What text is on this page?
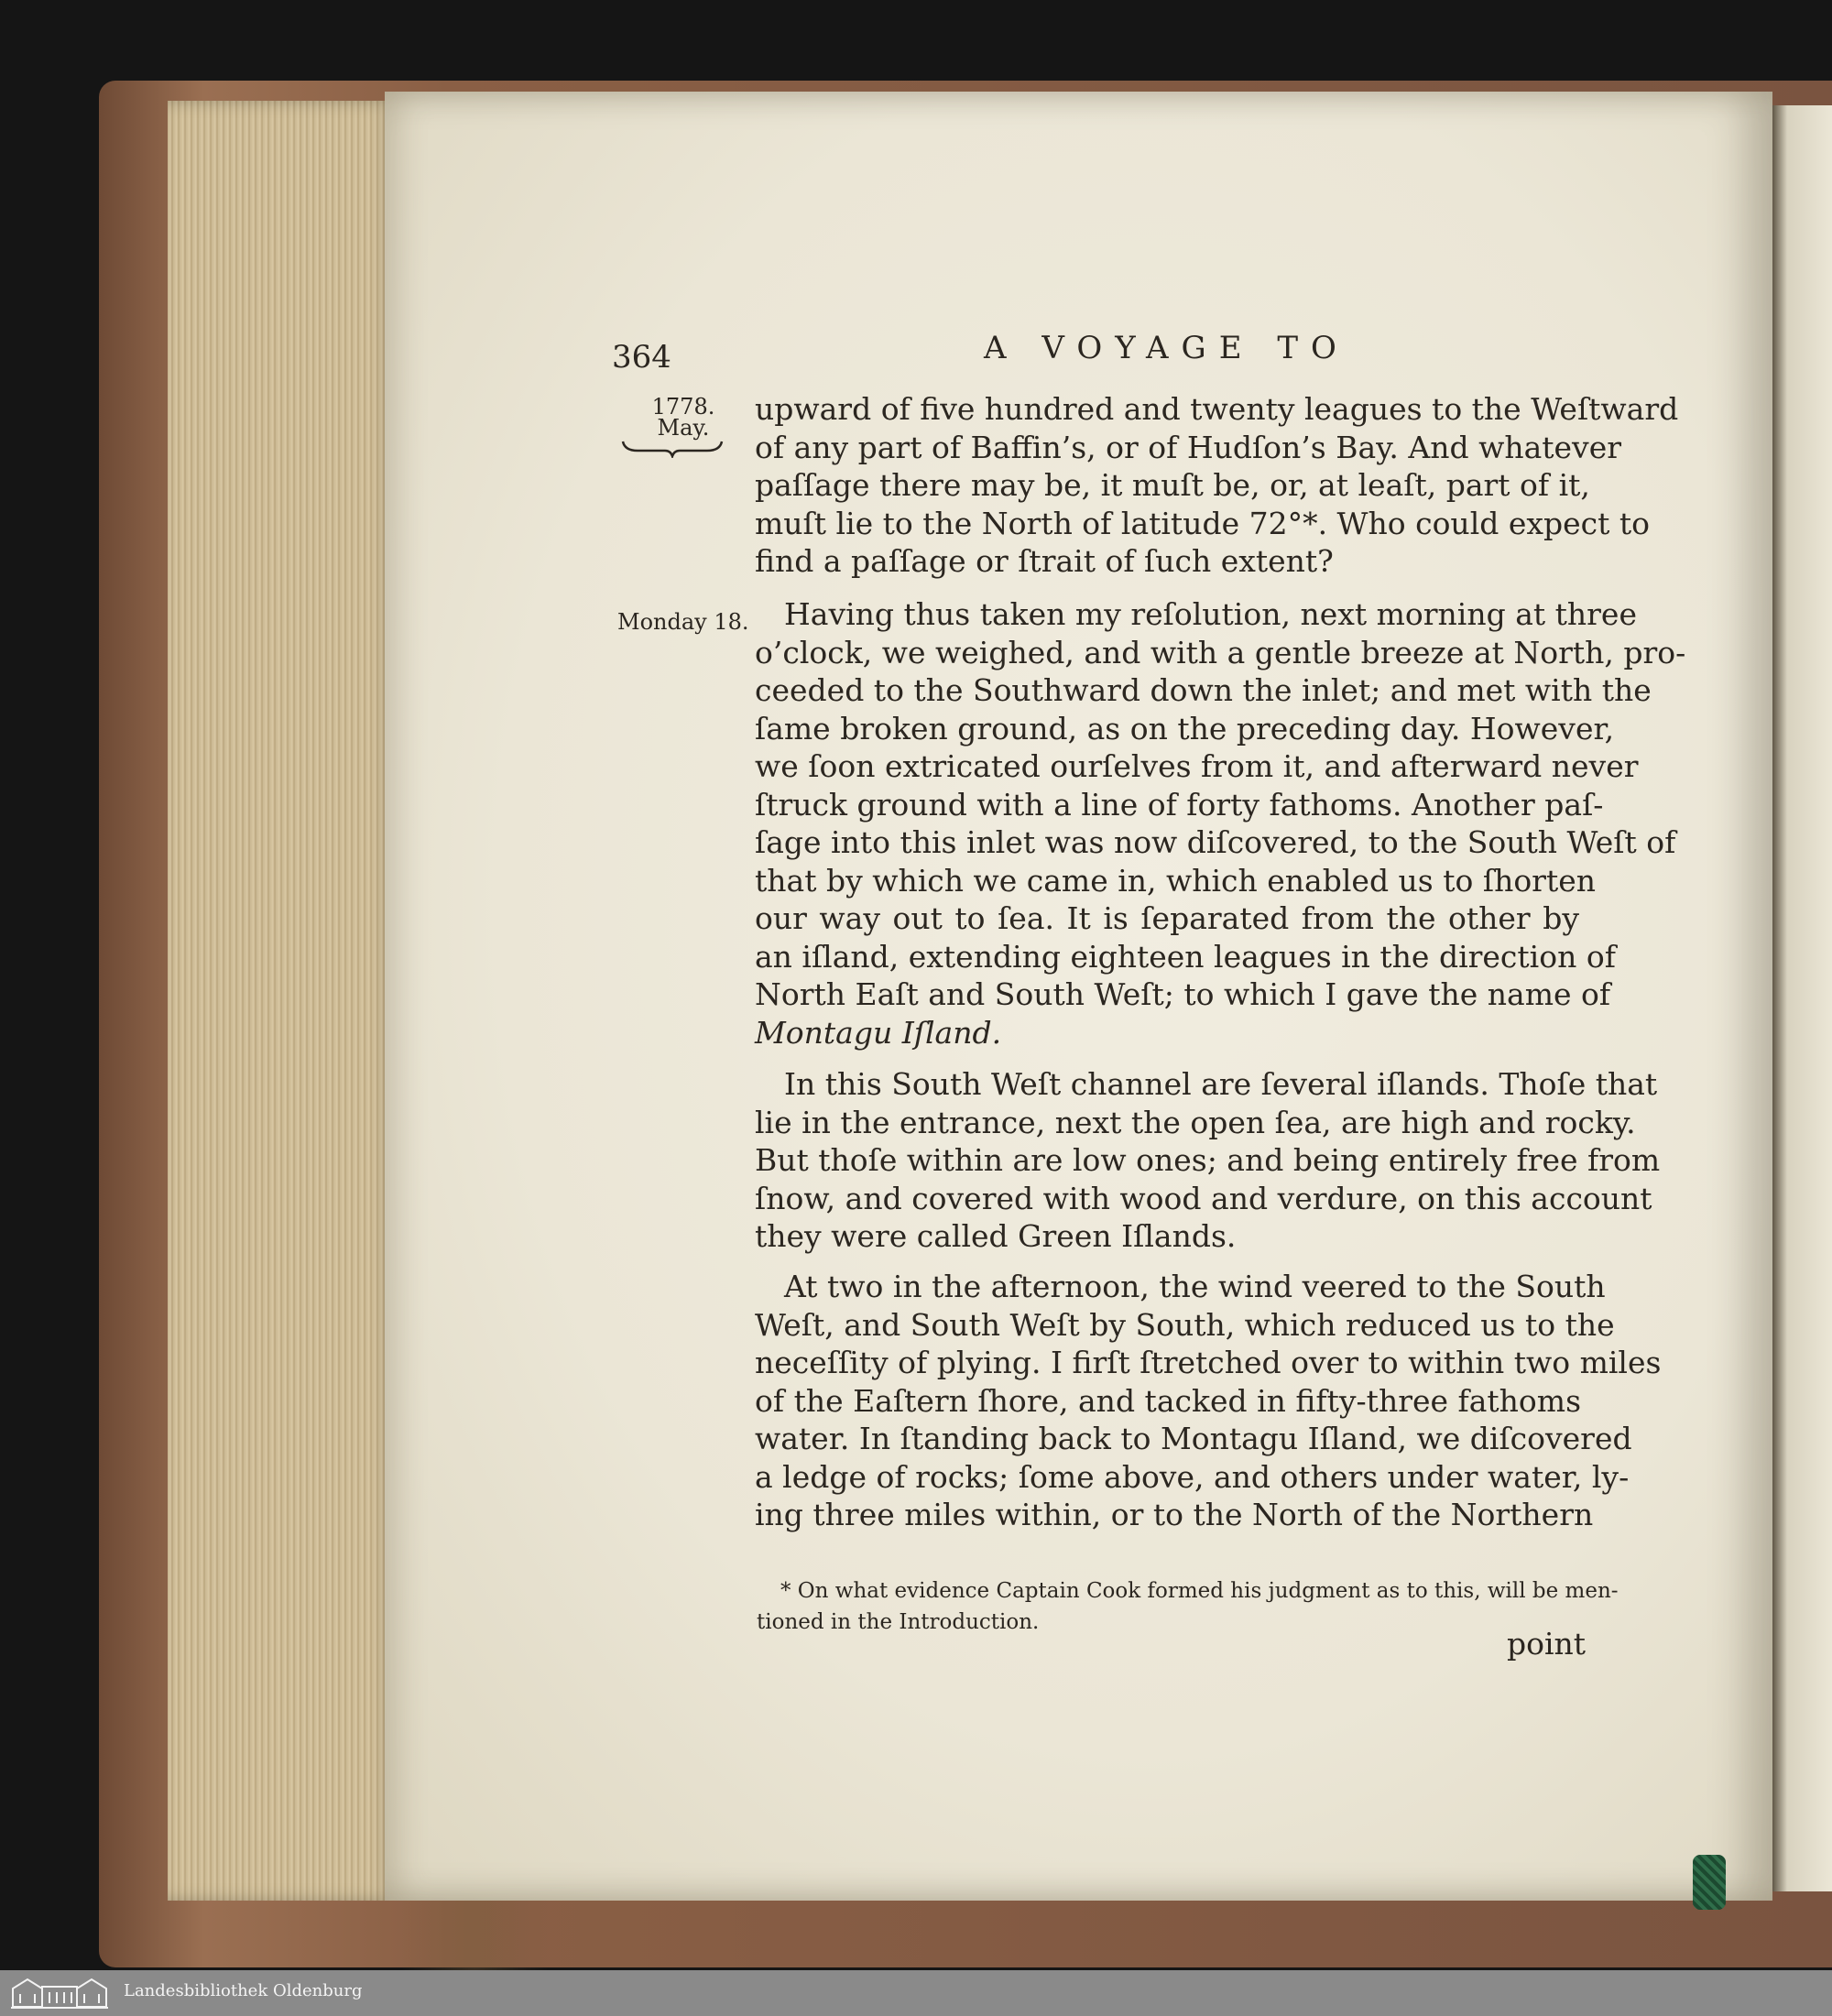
364	A VOYAGE TO
1778.
May.
Monday 18.
upward of five hundred and twenty leagues to the Weſtward
of any part of Baffin’s, or of Hudſon’s Bay. And whatever
paſſage there may be, it muſt be, or, at leaſt, part of it,
muſt lie to the North of latitude 72°*. Who could expect to
find a paſſage or ſtrait of ſuch extent?
Having thus taken my reſolution, next morning at three
o’clock, we weighed, and with a gentle breeze at North, pro-
ceeded to the Southward down the inlet; and met with the
ſame broken ground, as on the preceding day. However,
we ſoon extricated ourſelves from it, and afterward never
ſtruck ground with a line of forty fathoms. Another paſ-
ſage into this inlet was now diſcovered, to the South Weſt of
that by which we came in, which enabled us to ſhorten
our way out to ſea. It is ſeparated from the other by
an iſland, extending eighteen leagues in the direction of
North Eaſt and South Weſt; to which I gave the name of
Montagu Iſland.
In this South Weſt channel are ſeveral iſlands. Thoſe that
lie in the entrance, next the open ſea, are high and rocky.
But thoſe within are low ones; and being entirely free from
ſnow, and covered with wood and verdure, on this account
they were called Green Iſlands.
At two in the afternoon, the wind veered to the South
Weſt, and South Weſt by South, which reduced us to the
neceſſity of plying. I firſt ſtretched over to within two miles
of the Eaſtern ſhore, and tacked in fifty-three fathoms
water. In ſtanding back to Montagu Iſland, we diſcovered
a ledge of rocks; ſome above, and others under water, ly-
ing three miles within, or to the North of the Northern
* On what evidence Captain Cook formed his judgment as to this, will be men-
tioned in the Introduction.
point
Landesbibliothek Oldenburg
